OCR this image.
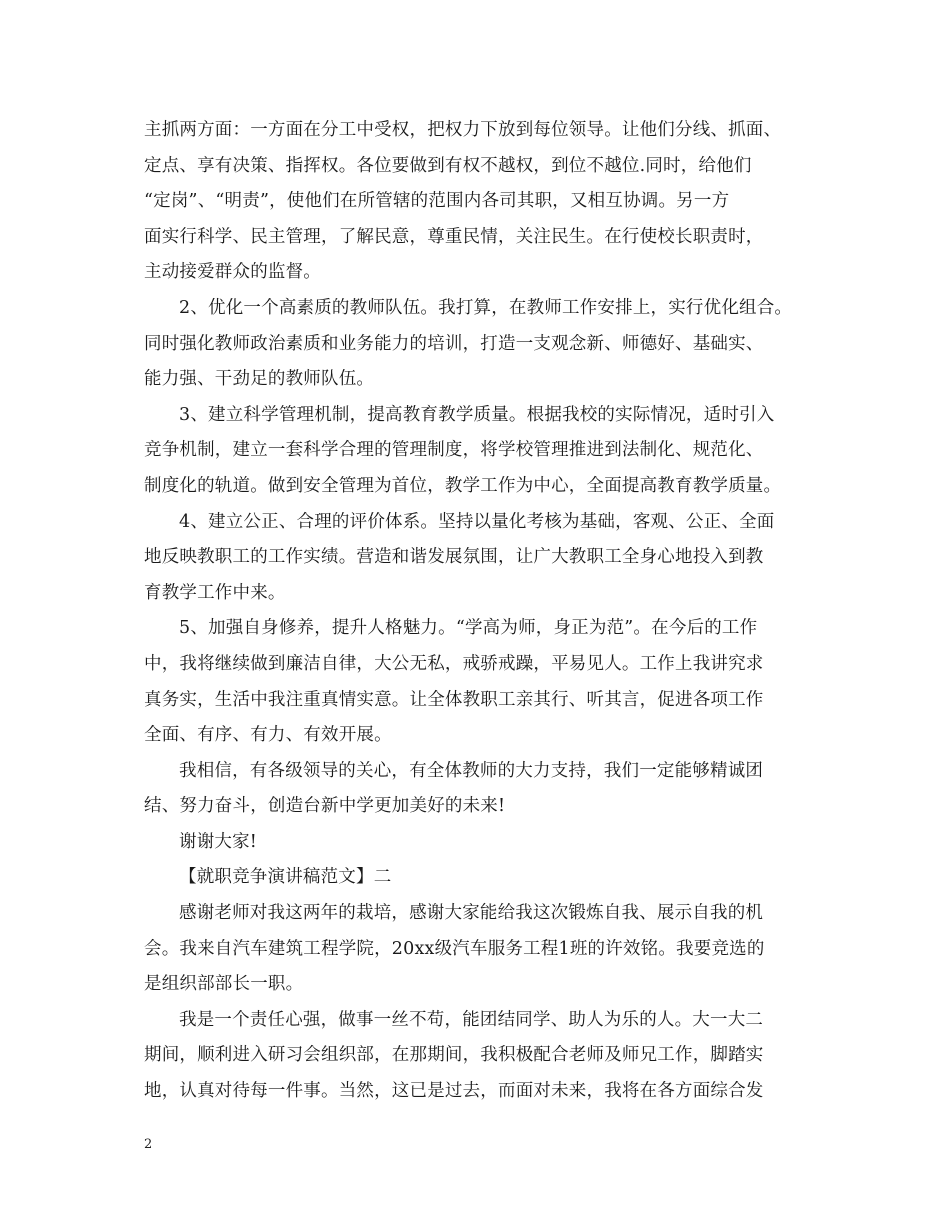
主抓两方面：一方面在分工中受权，把权力下放到每位领导。让他们分线、抓面、
定点、享有决策、指挥权。各位要做到有权不越权，到位不越位.同时，给他们
“定岗”、“明责”，使他们在所管辖的范围内各司其职，又相互协调。另一方
面实行科学、民主管理，了解民意，尊重民情，关注民生。在行使校长职责时，
主动接爱群众的监督。
2、优化一个高素质的教师队伍。我打算，在教师工作安排上，实行优化组合。
同时强化教师政治素质和业务能力的培训，打造一支观念新、师德好、基础实、
能力强、干劲足的教师队伍。
3、建立科学管理机制，提高教育教学质量。根据我校的实际情况，适时引入
竞争机制，建立一套科学合理的管理制度，将学校管理推进到法制化、规范化、
制度化的轨道。做到安全管理为首位，教学工作为中心，全面提高教育教学质量。
4、建立公正、合理的评价体系。坚持以量化考核为基础，客观、公正、全面
地反映教职工的工作实绩。营造和谐发展氛围，让广大教职工全身心地投入到教
育教学工作中来。
5、加强自身修养，提升人格魅力。“学高为师，身正为范”。在今后的工作
中，我将继续做到廉洁自律，大公无私，戒骄戒躁，平易见人。工作上我讲究求
真务实，生活中我注重真情实意。让全体教职工亲其行、听其言，促进各项工作
全面、有序、有力、有效开展。
我相信，有各级领导的关心，有全体教师的大力支持，我们一定能够精诚团
结、努力奋斗，创造台新中学更加美好的未来!
谢谢大家!
【就职竞争演讲稿范文】二
感谢老师对我这两年的栽培，感谢大家能给我这次锻炼自我、展示自我的机
会。我来自汽车建筑工程学院，20xx级汽车服务工程1班的许效铭。我要竞选的
是组织部部长一职。
我是一个责任心强，做事一丝不苟，能团结同学、助人为乐的人。大一大二
期间，顺利进入研习会组织部，在那期间，我积极配合老师及师兄工作，脚踏实
地，认真对待每一件事。当然，这已是过去，而面对未来，我将在各方面综合发
2
